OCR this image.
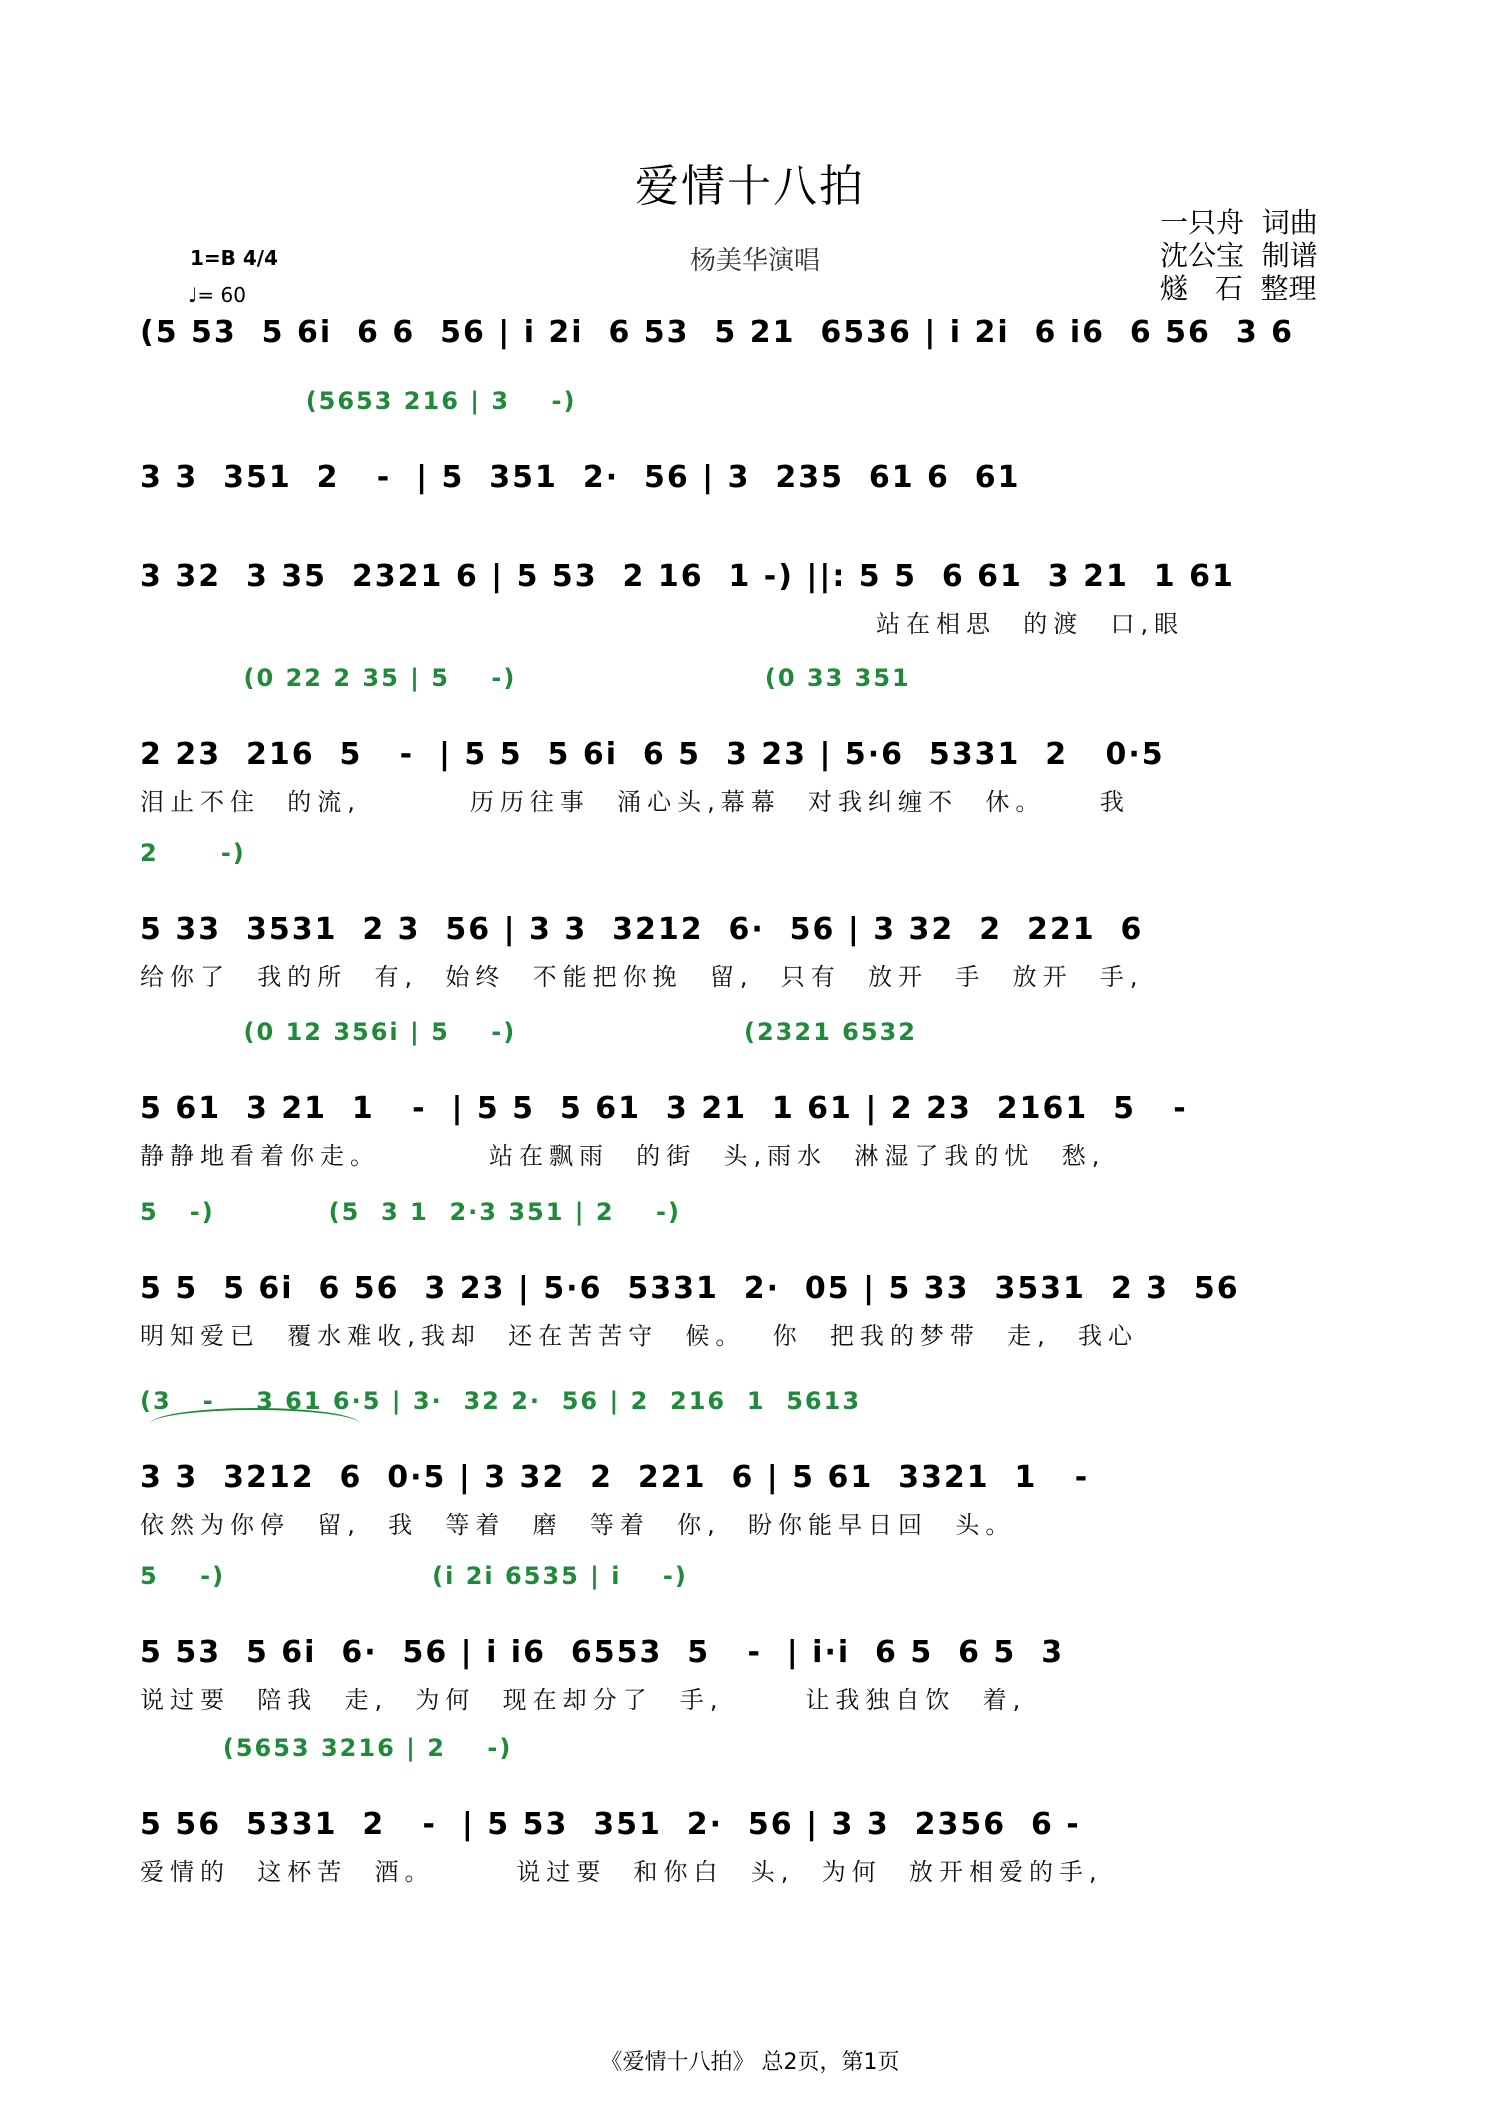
爱情十八拍
1=B 4/4
♩= 60
杨美华演唱
一只舟  词曲
沈公宝  制谱
燧   石  整理
(5 53  5 6i  6 6  56 | i 2i  6 53  5 21  6536 | i 2i  6 i6  6 56  3 6
(5653 216 | 3    -)
3 3  351  2   -  | 5  351  2·  56 | 3  235  61 6  61
3 32  3 35  2321 6 | 5 53  2 16  1 -) ||: 5 5  6 61  3 21  1 61
站在相思  的渡  口,眼
(0 22 2 35 | 5    -)                        (0 33 351
2 23  216  5   -  | 5 5  5 6i  6 5  3 23 | 5·6  5331  2   0·5
泪止不住  的流,        历历往事  涌心头,幕幕  对我纠缠不  休。    我
2      -)
5 33  3531  2 3  56 | 3 3  3212  6·  56 | 3 32  2  221  6
给你了  我的所  有,  始终  不能把你挽  留,  只有  放开  手  放开  手,
(0 12 356i | 5    -)                      (2321 6532
5 61  3 21  1   -  | 5 5  5 61  3 21  1 61 | 2 23  2161  5   -
静静地看着你走。        站在飘雨  的街  头,雨水  淋湿了我的忧  愁,
5   -)           (5  3 1  2·3 351 | 2    -)
5 5  5 6i  6 56  3 23 | 5·6  5331  2·  05 | 5 33  3531  2 3  56
明知爱已  覆水难收,我却  还在苦苦守  候。  你  把我的梦带  走,  我心
(3   -    3 61 6·5 | 3·  32 2·  56 | 2  216  1  5613
3 3  3212  6  0·5 | 3 32  2  221  6 | 5 61  3321  1   -
依然为你停  留,  我  等着  磨  等着  你,  盼你能早日回  头。
5    -)                    (i 2i 6535 | i    -)
5 53  5 6i  6·  56 | i i6  6553  5   -  | i·i  6 5  6 5  3
说过要  陪我  走,  为何  现在却分了  手,      让我独自饮  着,
(5653 3216 | 2    -)
5 56  5331  2   -  | 5 53  351  2·  56 | 3 3  2356  6 -
爱情的  这杯苦  酒。      说过要  和你白  头,  为何  放开相爱的手,
《爱情十八拍》 总2页，第1页
